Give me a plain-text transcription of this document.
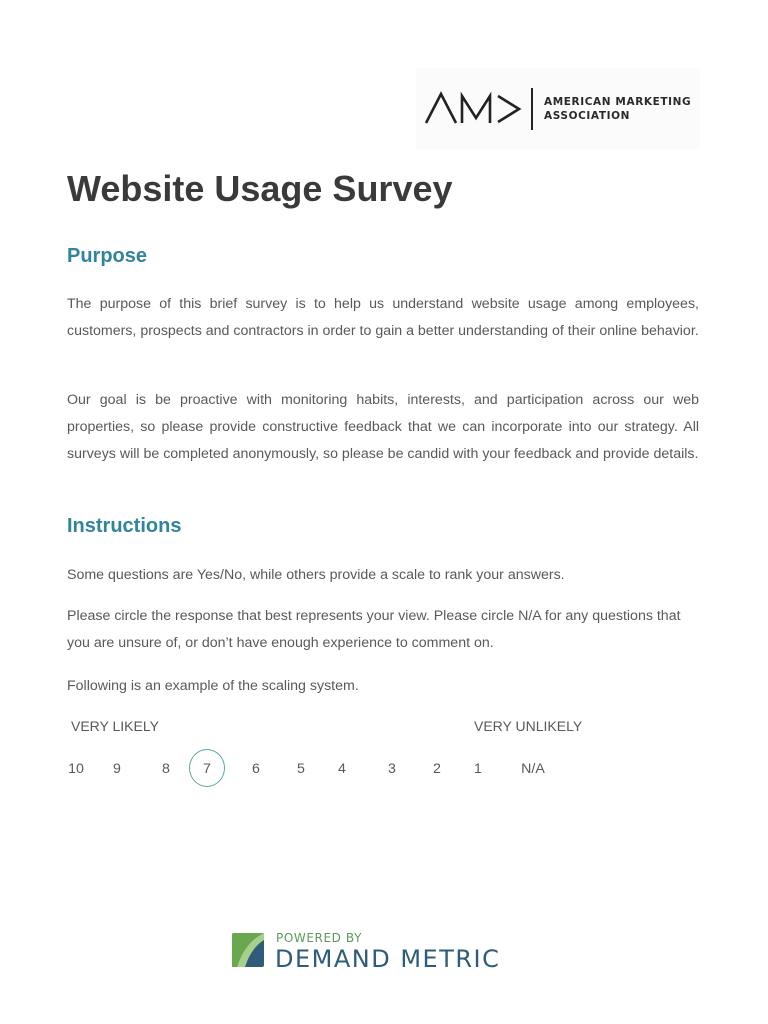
AMERICAN MARKETING
ASSOCIATION
Website Usage Survey
Purpose

The purpose of this brief survey is to help us understand website usage among employees, customers, prospects and contractors in order to gain a better understanding of their online behavior.

Our goal is be proactive with monitoring habits, interests, and participation across our web properties, so please provide constructive feedback that we can incorporate into our strategy. All surveys will be completed anonymously, so please be candid with your feedback and provide details.

Instructions

Some questions are Yes/No, while others provide a scale to rank your answers.

Please circle the response that best represents your view. Please circle N/A for any questions that you are unsure of, or don’t have enough experience to comment on.

Following is an example of the scaling system.

VERY LIKELY	VERY UNLIKELY
10	9	8	7	6	5	4	3	2	1	N/A
POWERED BY
DEMAND METRIC
